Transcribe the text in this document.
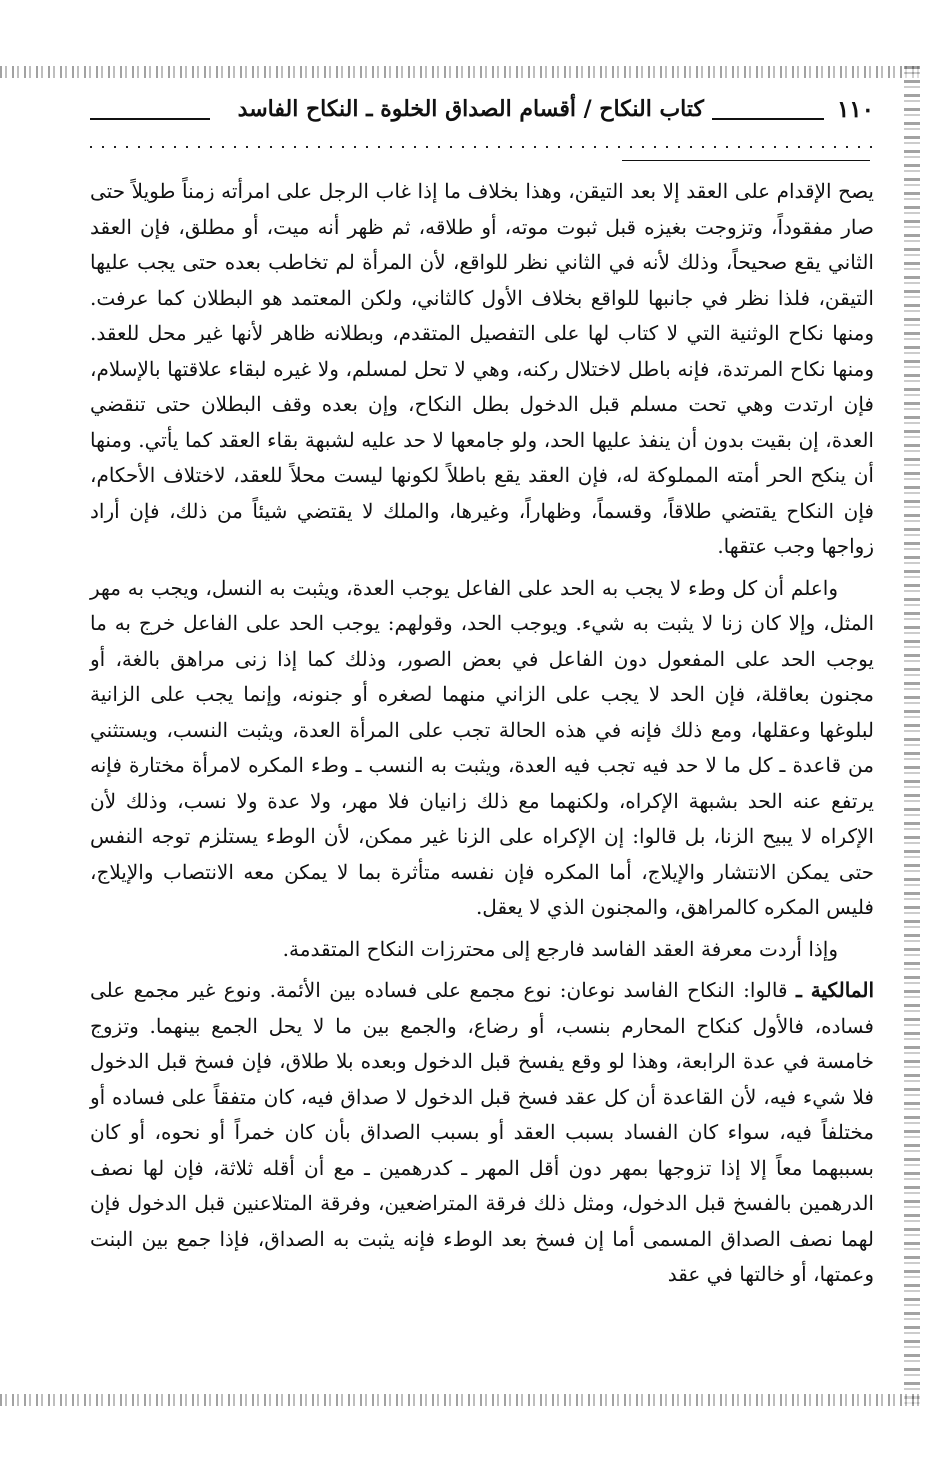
١١٠
كتاب النكاح / أقسام الصداق الخلوة ـ النكاح الفاسد

يصح الإقدام على العقد إلا بعد التيقن، وهذا بخلاف ما إذا غاب الرجل على امرأته زمناً طويلاً حتى صار مفقوداً، وتزوجت بغيزه قبل ثبوت موته، أو طلاقه، ثم ظهر أنه ميت، أو مطلق، فإن العقد الثاني يقع صحيحاً، وذلك لأنه في الثاني نظر للواقع، لأن المرأة لم تخاطب بعده حتى يجب عليها التيقن، فلذا نظر في جانبها للواقع بخلاف الأول كالثاني، ولكن المعتمد هو البطلان كما عرفت. ومنها نكاح الوثنية التي لا كتاب لها على التفصيل المتقدم، وبطلانه ظاهر لأنها غير محل للعقد. ومنها نكاح المرتدة، فإنه باطل لاختلال ركنه، وهي لا تحل لمسلم، ولا غيره لبقاء علاقتها بالإسلام، فإن ارتدت وهي تحت مسلم قبل الدخول بطل النكاح، وإن بعده وقف البطلان حتى تنقضي العدة، إن بقيت بدون أن ينفذ عليها الحد، ولو جامعها لا حد عليه لشبهة بقاء العقد كما يأتي. ومنها أن ينكح الحر أمته المملوكة له، فإن العقد يقع باطلاً لكونها ليست محلاً للعقد، لاختلاف الأحكام، فإن النكاح يقتضي طلاقاً، وقسماً، وظهاراً، وغيرها، والملك لا يقتضي شيئاً من ذلك، فإن أراد زواجها وجب عتقها.

واعلم أن كل وطء لا يجب به الحد على الفاعل يوجب العدة، ويثبت به النسل، ويجب به مهر المثل، وإلا كان زنا لا يثبت به شيء. ويوجب الحد، وقولهم: يوجب الحد على الفاعل خرج به ما يوجب الحد على المفعول دون الفاعل في بعض الصور، وذلك كما إذا زنى مراهق بالغة، أو مجنون بعاقلة، فإن الحد لا يجب على الزاني منهما لصغره أو جنونه، وإنما يجب على الزانية لبلوغها وعقلها، ومع ذلك فإنه في هذه الحالة تجب على المرأة العدة، ويثبت النسب، ويستثني من قاعدة ـ كل ما لا حد فيه تجب فيه العدة، ويثبت به النسب ـ وطء المكره لامرأة مختارة فإنه يرتفع عنه الحد بشبهة الإكراه، ولكنهما مع ذلك زانيان فلا مهر، ولا عدة ولا نسب، وذلك لأن الإكراه لا يبيح الزنا، بل قالوا: إن الإكراه على الزنا غير ممكن، لأن الوطء يستلزم توجه النفس حتى يمكن الانتشار والإيلاج، أما المكره فإن نفسه متأثرة بما لا يمكن معه الانتصاب والإيلاج، فليس المكره كالمراهق، والمجنون الذي لا يعقل.

وإذا أردت معرفة العقد الفاسد فارجع إلى محترزات النكاح المتقدمة.

المالكية ـ قالوا: النكاح الفاسد نوعان: نوع مجمع على فساده بين الأئمة. ونوع غير مجمع على فساده، فالأول كنكاح المحارم بنسب، أو رضاع، والجمع بين ما لا يحل الجمع بينهما. وتزوج خامسة في عدة الرابعة، وهذا لو وقع يفسخ قبل الدخول وبعده بلا طلاق، فإن فسخ قبل الدخول فلا شيء فيه، لأن القاعدة أن كل عقد فسخ قبل الدخول لا صداق فيه، كان متفقاً على فساده أو مختلفاً فيه، سواء كان الفساد بسبب العقد أو بسبب الصداق بأن كان خمراً أو نحوه، أو كان بسببهما معاً إلا إذا تزوجها بمهر دون أقل المهر ـ كدرهمين ـ مع أن أقله ثلاثة، فإن لها نصف الدرهمين بالفسخ قبل الدخول، ومثل ذلك فرقة المتراضعين، وفرقة المتلاعنين قبل الدخول فإن لهما نصف الصداق المسمى أما إن فسخ بعد الوطء فإنه يثبت به الصداق، فإذا جمع بين البنت وعمتها، أو خالتها في عقد
